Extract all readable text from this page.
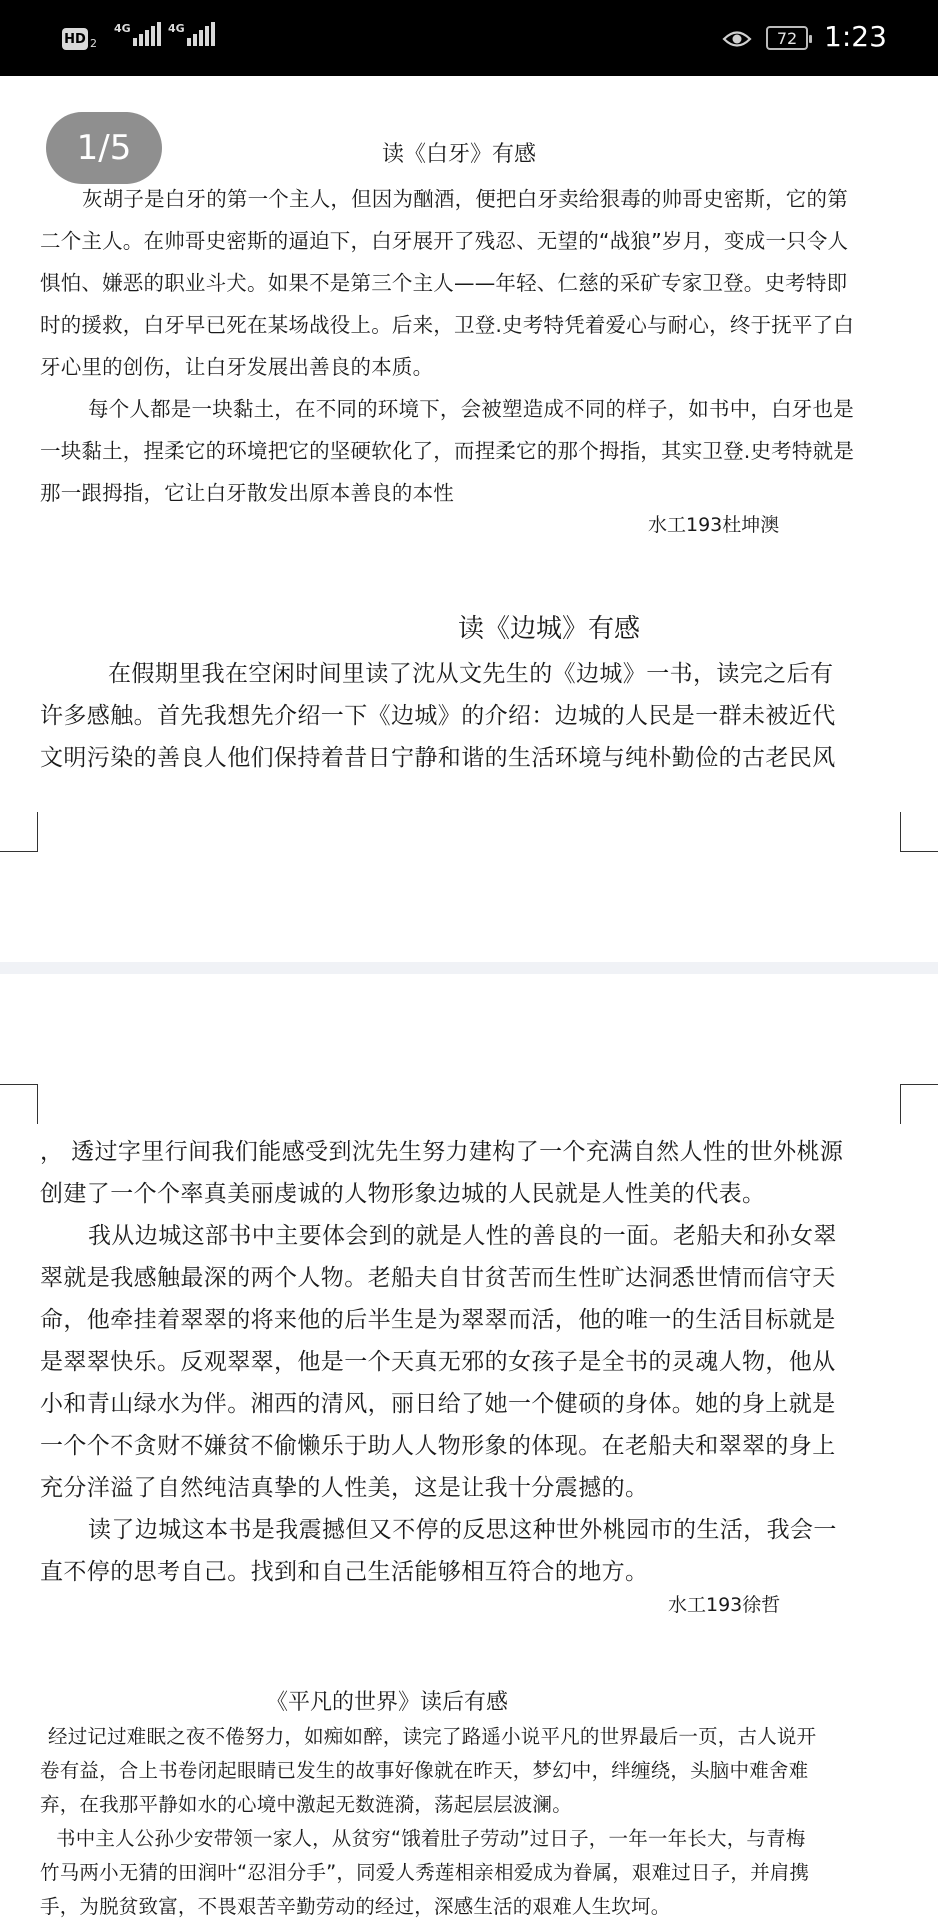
HD 2
4G	4G	72 1:23
1/5	读《白牙》有感
灰胡子是白牙的第一个主人，但因为酗酒，便把白牙卖给狠毒的帅哥史密斯，它的第
二个主人。在帅哥史密斯的逼迫下，白牙展开了残忍、无望的“战狼”岁月，变成一只令人
惧怕、嫌恶的职业斗犬。如果不是第三个主人——年轻、仁慈的采矿专家卫登。史考特即
时的援救，白牙早已死在某场战役上。后来，卫登.史考特凭着爱心与耐心，终于抚平了白
牙心里的创伤，让白牙发展出善良的本质。
每个人都是一块黏土，在不同的环境下，会被塑造成不同的样子，如书中，白牙也是
一块黏土，捏柔它的环境把它的坚硬软化了，而捏柔它的那个拇指，其实卫登.史考特就是
那一跟拇指，它让白牙散发出原本善良的本性
水工193杜坤澳
读《边城》有感
在假期里我在空闲时间里读了沈从文先生的《边城》一书，读完之后有
许多感触。首先我想先介绍一下《边城》的介绍：边城的人民是一群未被近代
文明污染的善良人他们保持着昔日宁静和谐的生活环境与纯朴勤俭的古老民风
， 透过字里行间我们能感受到沈先生努力建构了一个充满自然人性的世外桃源
创建了一个个率真美丽虔诚的人物形象边城的人民就是人性美的代表。
我从边城这部书中主要体会到的就是人性的善良的一面。老船夫和孙女翠
翠就是我感触最深的两个人物。老船夫自甘贫苦而生性旷达洞悉世情而信守天
命，他牵挂着翠翠的将来他的后半生是为翠翠而活，他的唯一的生活目标就是
是翠翠快乐。反观翠翠，他是一个天真无邪的女孩子是全书的灵魂人物，他从
小和青山绿水为伴。湘西的清风，丽日给了她一个健硕的身体。她的身上就是
一个个不贪财不嫌贫不偷懒乐于助人人物形象的体现。在老船夫和翠翠的身上
充分洋溢了自然纯洁真挚的人性美，这是让我十分震撼的。
读了边城这本书是我震撼但又不停的反思这种世外桃园市的生活，我会一
直不停的思考自己。找到和自己生活能够相互符合的地方。
水工193徐哲
《平凡的世界》读后有感
经过记过难眠之夜不倦努力，如痴如醉，读完了路遥小说平凡的世界最后一页，古人说开
卷有益，合上书卷闭起眼睛已发生的故事好像就在昨天，梦幻中，绊缠绕，头脑中难舍难
弃，在我那平静如水的心境中激起无数涟漪，荡起层层波澜。
书中主人公孙少安带领一家人，从贫穷“饿着肚子劳动”过日子，一年一年长大，与青梅
竹马两小无猜的田润叶“忍泪分手”，同爱人秀莲相亲相爱成为眷属，艰难过日子，并肩携
手，为脱贫致富，不畏艰苦辛勤劳动的经过，深感生活的艰难人生坎坷。
